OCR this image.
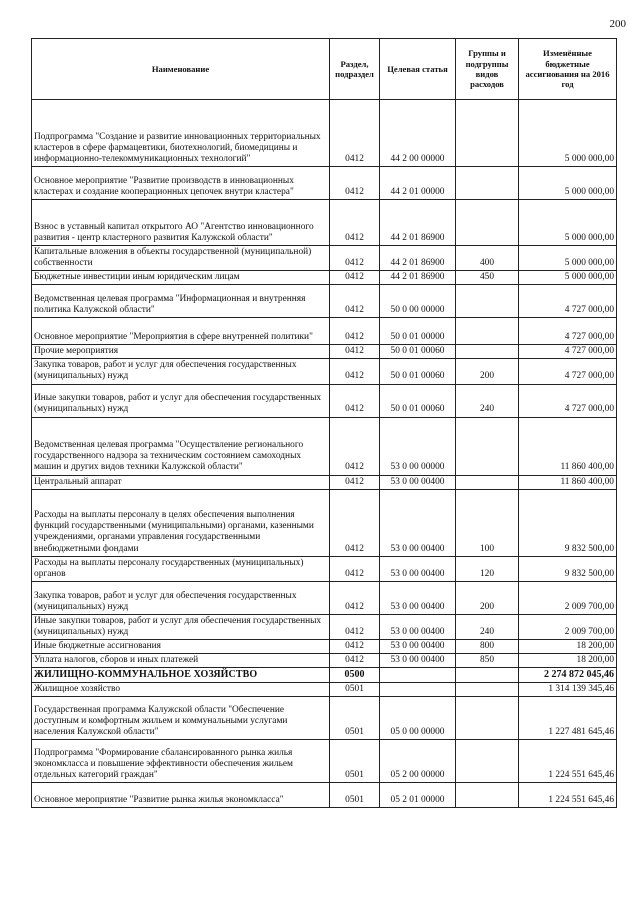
200
Наименование	Раздел, подраздел	Целевая статья	Группы и подгруппы видов расходов	Изменённые бюджетные ассигнования на 2016 год
Подпрограмма "Создание и развитие инновационных территориальных кластеров в сфере фармацевтики, биотехнологий, биомедицины и информационно-телекоммуникационных технологий"	0412	44 2 00 00000		5 000 000,00
Основное мероприятие "Развитие производств в инновационных кластерах и создание кооперационных цепочек внутри кластера"	0412	44 2 01 00000		5 000 000,00
Взнос в уставный капитал открытого АО "Агентство инновационного развития - центр кластерного развития Калужской области"	0412	44 2 01 86900		5 000 000,00
Капитальные вложения в объекты государственной (муниципальной) собственности	0412	44 2 01 86900	400	5 000 000,00
Бюджетные инвестиции иным юридическим лицам	0412	44 2 01 86900	450	5 000 000,00
Ведомственная целевая программа "Информационная и внутренняя политика Калужской области"	0412	50 0 00 00000		4 727 000,00
Основное мероприятие "Мероприятия в сфере внутренней политики"	0412	50 0 01 00000		4 727 000,00
Прочие мероприятия	0412	50 0 01 00060		4 727 000,00
Закупка товаров, работ и услуг для обеспечения государственных (муниципальных) нужд	0412	50 0 01 00060	200	4 727 000,00
Иные закупки товаров, работ и услуг для обеспечения государственных (муниципальных) нужд	0412	50 0 01 00060	240	4 727 000,00
Ведомственная целевая программа "Осуществление регионального государственного надзора за техническим состоянием самоходных машин и других видов техники Калужской области"	0412	53 0 00 00000		11 860 400,00
Центральный аппарат	0412	53 0 00 00400		11 860 400,00
Расходы на выплаты персоналу в целях обеспечения выполнения функций государственными (муниципальными) органами, казенными учреждениями, органами управления государственными внебюджетными фондами	0412	53 0 00 00400	100	9 832 500,00
Расходы на выплаты персоналу государственных (муниципальных) органов	0412	53 0 00 00400	120	9 832 500,00
Закупка товаров, работ и услуг для обеспечения государственных (муниципальных) нужд	0412	53 0 00 00400	200	2 009 700,00
Иные закупки товаров, работ и услуг для обеспечения государственных (муниципальных) нужд	0412	53 0 00 00400	240	2 009 700,00
Иные бюджетные ассигнования	0412	53 0 00 00400	800	18 200,00
Уплата налогов, сборов и иных платежей	0412	53 0 00 00400	850	18 200,00
ЖИЛИЩНО-КОММУНАЛЬНОЕ ХОЗЯЙСТВО	0500			2 274 872 045,46
Жилищное хозяйство	0501			1 314 139 345,46
Государственная программа Калужской области "Обеспечение доступным и комфортным жильем и коммунальными услугами населения Калужской области"	0501	05 0 00 00000		1 227 481 645,46
Подпрограмма "Формирование сбалансированного рынка жилья экономкласса и повышение эффективности обеспечения жильем отдельных категорий граждан"	0501	05 2 00 00000		1 224 551 645,46
Основное мероприятие "Развитие рынка жилья экономкласса"	0501	05 2 01 00000		1 224 551 645,46
